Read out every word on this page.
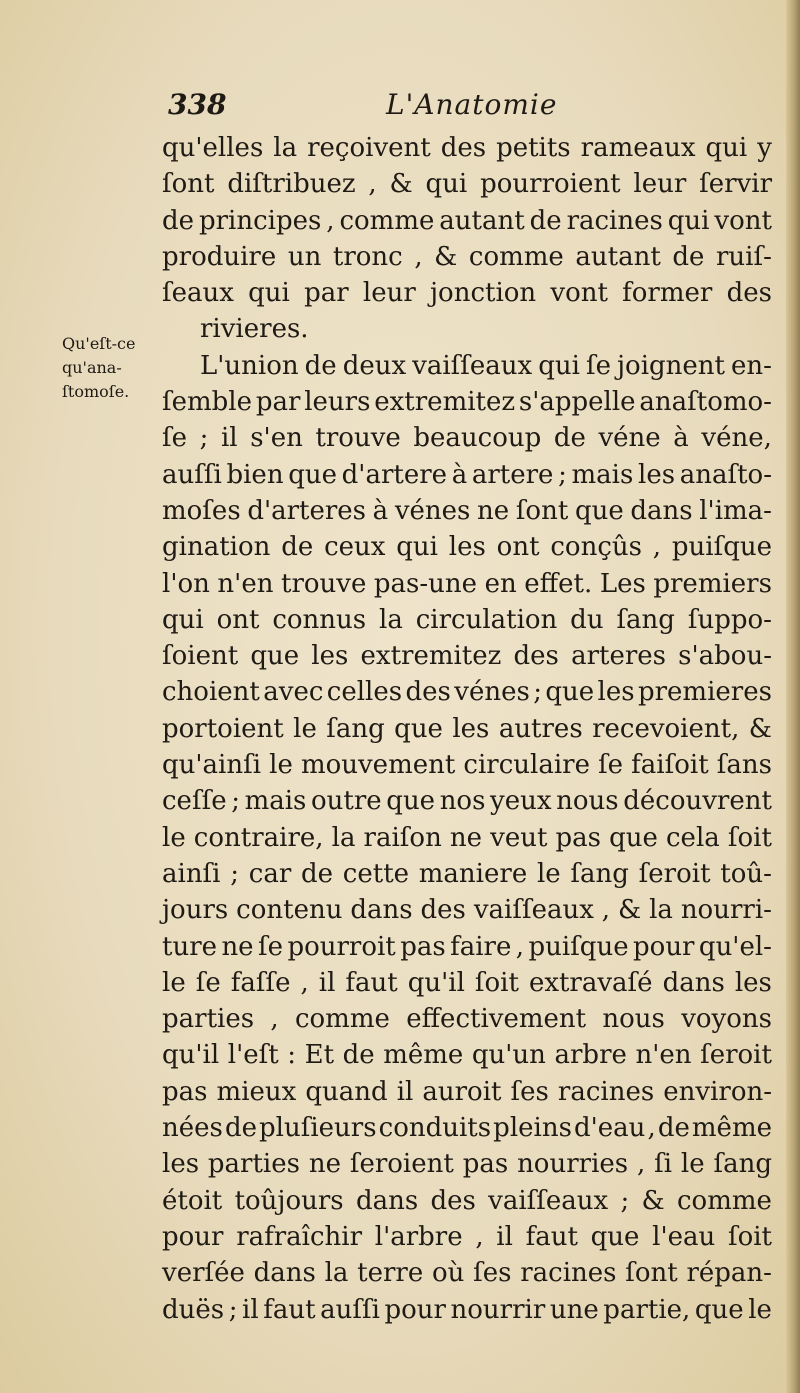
338	L'Anatomie
Qu'eſt-ce
qu'ana-
ſtomoſe.
qu'elles la reçoivent des petits rameaux qui y
ſont diſtribuez , & qui pourroient leur ſervir
de principes , comme autant de racines qui vont
produire un tronc , & comme autant de ruiſ-
ſeaux qui par leur jonction vont former des
rivieres.
L'union de deux vaiſſeaux qui ſe joignent en-
ſemble par leurs extremitez s'appelle anaſtomo-
ſe ; il s'en trouve beaucoup de véne à véne,
auſſi bien que d'artere à artere ; mais les anaſto-
moſes d'arteres à vénes ne ſont que dans l'ima-
gination de ceux qui les ont conçûs , puiſque
l'on n'en trouve pas-une en effet. Les premiers
qui ont connus la circulation du ſang ſuppo-
ſoient que les extremitez des arteres s'abou-
choient avec celles des vénes ; que les premieres
portoient le ſang que les autres recevoient, &
qu'ainſi le mouvement circulaire ſe faiſoit ſans
ceſſe ; mais outre que nos yeux nous découvrent
le contraire, la raiſon ne veut pas que cela ſoit
ainſi ; car de cette maniere le ſang ſeroit toû-
jours contenu dans des vaiſſeaux , & la nourri-
ture ne ſe pourroit pas faire , puiſque pour qu'el-
le ſe faſſe , il faut qu'il ſoit extravaſé dans les
parties , comme effectivement nous voyons
qu'il l'eſt : Et de même qu'un arbre n'en ſeroit
pas mieux quand il auroit ſes racines environ-
nées de pluſieurs conduits pleins d'eau , de même
les parties ne ſeroient pas nourries , ſi le ſang
étoit toûjours dans des vaiſſeaux ; & comme
pour rafraîchir l'arbre , il faut que l'eau ſoit
verſée dans la terre où ſes racines ſont répan-
duës ; il faut auſſi pour nourrir une partie, que le
